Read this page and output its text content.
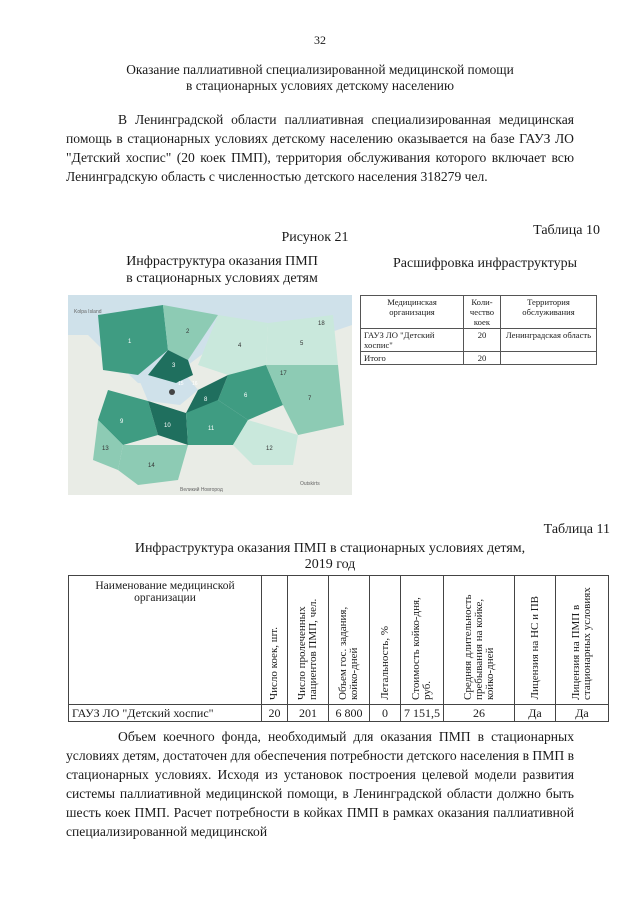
32
Оказание паллиативной специализированной медицинской помощи
в стационарных условиях детскому населению
В Ленинградской области паллиативная специализированная медицинская помощь в стационарных условиях детскому населению оказывается на базе ГАУЗ ЛО "Детский хоспис" (20 коек ПМП), территория обслуживания которого включает всю Ленинградскую область с численностью детского населения 318279 чел.
Рисунок 21	Таблица 10
Инфраструктура оказания ПМП
в стационарных условиях детям
Расшифровка инфраструктуры
Kolpa Island
Outskirts
Великий Новгород
1
2
3
4	5
6	7
8
9
10	11
12
13
14
15 16
17
18
Медицинская организация	Коли-чество коек	Территория обслуживания
ГАУЗ ЛО "Детский хоспис"	20	Ленинградская область
Итого	20	
Таблица 11
Инфраструктура оказания ПМП в стационарных условиях детям,
2019 год
Наименование медицинской организации	Число коек, шт.	Число пролеченных пациентов ПМП, чел.	Объем гос. задания, койко-дней	Летальность, %	Стоимость койко-дня, руб.	Средняя длительность пребывания на койке, койко-дней	Лицензия на НС и ПВ	Лицензия на ПМП в стационарных условиях

ГАУЗ ЛО "Детский хоспис"	20	201	6 800	0	7 151,5	26	Да	Да
Объем коечного фонда, необходимый для оказания ПМП в стационарных условиях детям, достаточен для обеспечения потребности детского населения в ПМП в стационарных условиях. Исходя из установок построения целевой модели развития системы паллиативной медицинской помощи, в Ленинградской области должно быть шесть коек ПМП. Расчет потребности в койках ПМП в рамках оказания паллиативной специализированной медицинской
